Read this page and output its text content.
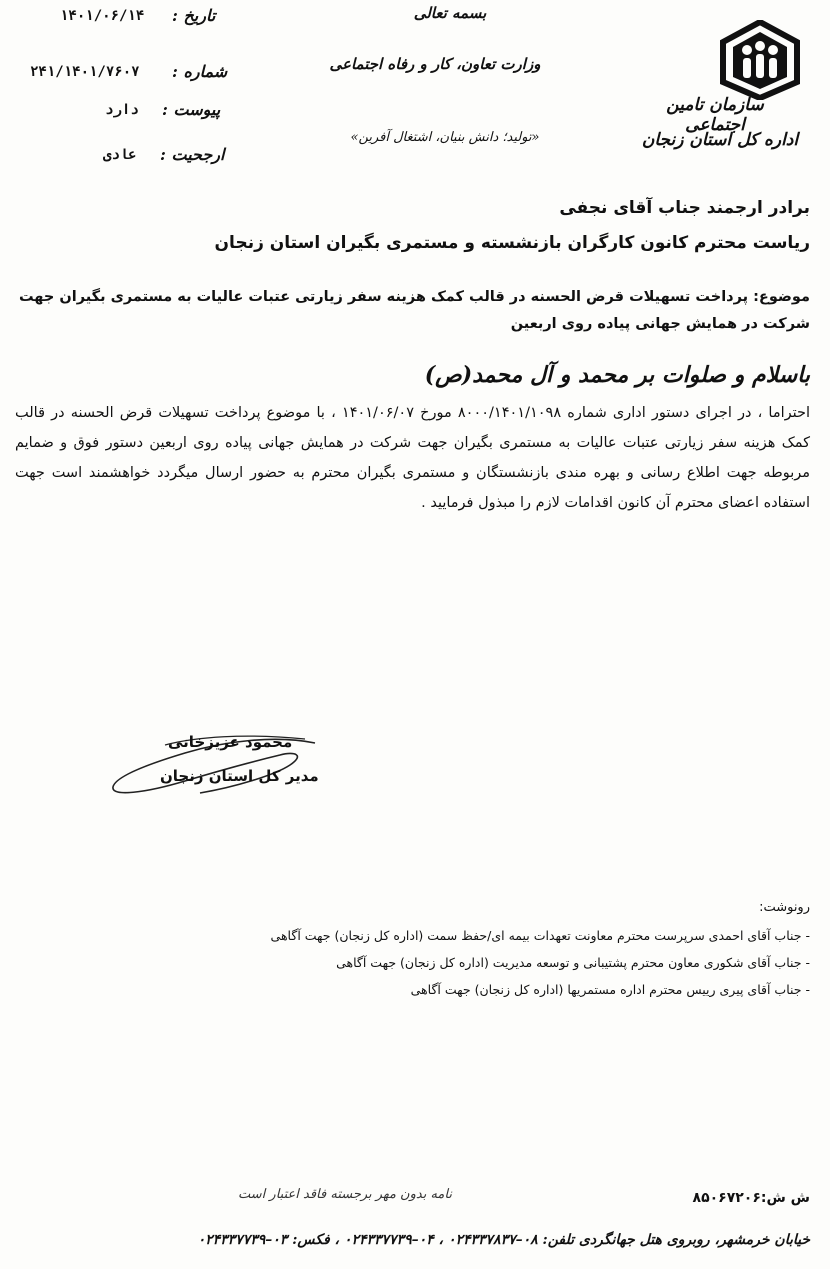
سازمان تامین اجتماعی
اداره کل استان زنجان
بسمه تعالی
وزارت تعاون، کار و رفاه اجتماعی
«تولید؛ دانش بنیان، اشتغال آفرین»
تاریخ :
۱۴۰۱/۰۶/۱۴
شماره :
۲۴۱/۱۴۰۱/۷۶۰۷
پیوست :
دارد
ارجحیت :
عادی
برادر ارجمند جناب آقای نجفی
ریاست محترم کانون کارگران بازنشسته و مستمری بگیران استان زنجان
موضوع: پرداخت تسهیلات قرض الحسنه در قالب کمک هزینه سفر زیارتی عتبات عالیات به مستمری بگیران جهت شرکت در همایش جهانی پیاده روی اربعین
باسلام و صلوات بر محمد و آل محمد(ص)
احتراما ، در اجرای دستور اداری شماره ۸۰۰۰/۱۴۰۱/۱۰۹۸ مورخ ۱۴۰۱/۰۶/۰۷ ، با موضوع پرداخت تسهیلات قرض الحسنه در قالب کمک هزینه سفر زیارتی عتبات عالیات به مستمری بگیران جهت شرکت در همایش جهانی پیاده روی اربعین دستور فوق و ضمایم مربوطه جهت اطلاع رسانی و بهره مندی بازنشستگان و مستمری بگیران محترم به حضور ارسال میگردد خواهشمند است جهت استفاده اعضای محترم آن کانون اقدامات لازم را مبذول فرمایید .
محمود عزیزخانی
مدیر کل استان زنجان
رونوشت:
- جناب آقای احمدی سرپرست محترم معاونت تعهدات بیمه ای/حفظ سمت (اداره کل زنجان) جهت آگاهی
- جناب آقای شکوری معاون محترم پشتیبانی و توسعه مدیریت (اداره کل زنجان) جهت آگاهی
- جناب آقای پیری رییس محترم اداره مستمریها (اداره کل زنجان) جهت آگاهی
نامه بدون مهر برجسته فاقد اعتبار است	ش ش:۸۵۰۶۷۲۰۶
خیابان خرمشهر، روبروی هتل جهانگردی تلفن: ۰۸–۰۲۴۳۳۷۸۳۷ ، ۰۴–۰۲۴۳۳۷۷۳۹ ، فکس: ۰۳–۰۲۴۳۳۷۷۳۹
